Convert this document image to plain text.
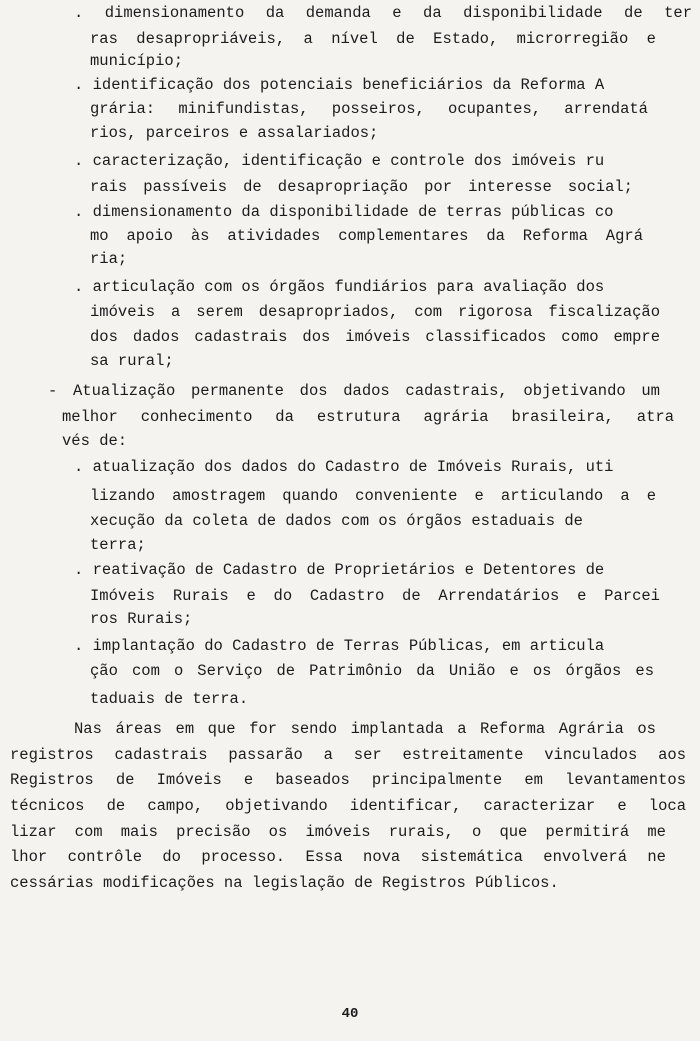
. dimensionamento da demanda e da disponibilidade de ter
ras desapropriáveis, a nível de Estado, microrregião e
município;
. identificação dos potenciais beneficiários da Reforma A
grária: minifundistas, posseiros, ocupantes, arrendatá
rios, parceiros e assalariados;
. caracterização, identificação e controle dos imóveis ru
rais passíveis de desapropriação por interesse social;
. dimensionamento da disponibilidade de terras públicas co
mo apoio às atividades complementares da Reforma Agrá
ria;
. articulação com os órgãos fundiários para avaliação dos
imóveis a serem desapropriados, com rigorosa fiscalização
dos dados cadastrais dos imóveis classificados como empre
sa rural;
- Atualização permanente dos dados cadastrais, objetivando um
melhor conhecimento da estrutura agrária brasileira, atra
vés de:
. atualização dos dados do Cadastro de Imóveis Rurais, uti
lizando amostragem quando conveniente e articulando a e
xecução da coleta de dados com os órgãos estaduais de
terra;
. reativação de Cadastro de Proprietários e Detentores de
Imóveis Rurais e do Cadastro de Arrendatários e Parcei
ros Rurais;
. implantação do Cadastro de Terras Públicas, em articula
ção com o Serviço de Patrimônio da União e os órgãos es
taduais de terra.
Nas áreas em que for sendo implantada a Reforma Agrária os
registros cadastrais passarão a ser estreitamente vinculados aos
Registros de Imóveis e baseados principalmente em levantamentos
técnicos de campo, objetivando identificar, caracterizar e loca
lizar com mais precisão os imóveis rurais, o que permitirá me
lhor contrôle do processo. Essa nova sistemática envolverá ne
cessárias modificações na legislação de Registros Públicos.
40
